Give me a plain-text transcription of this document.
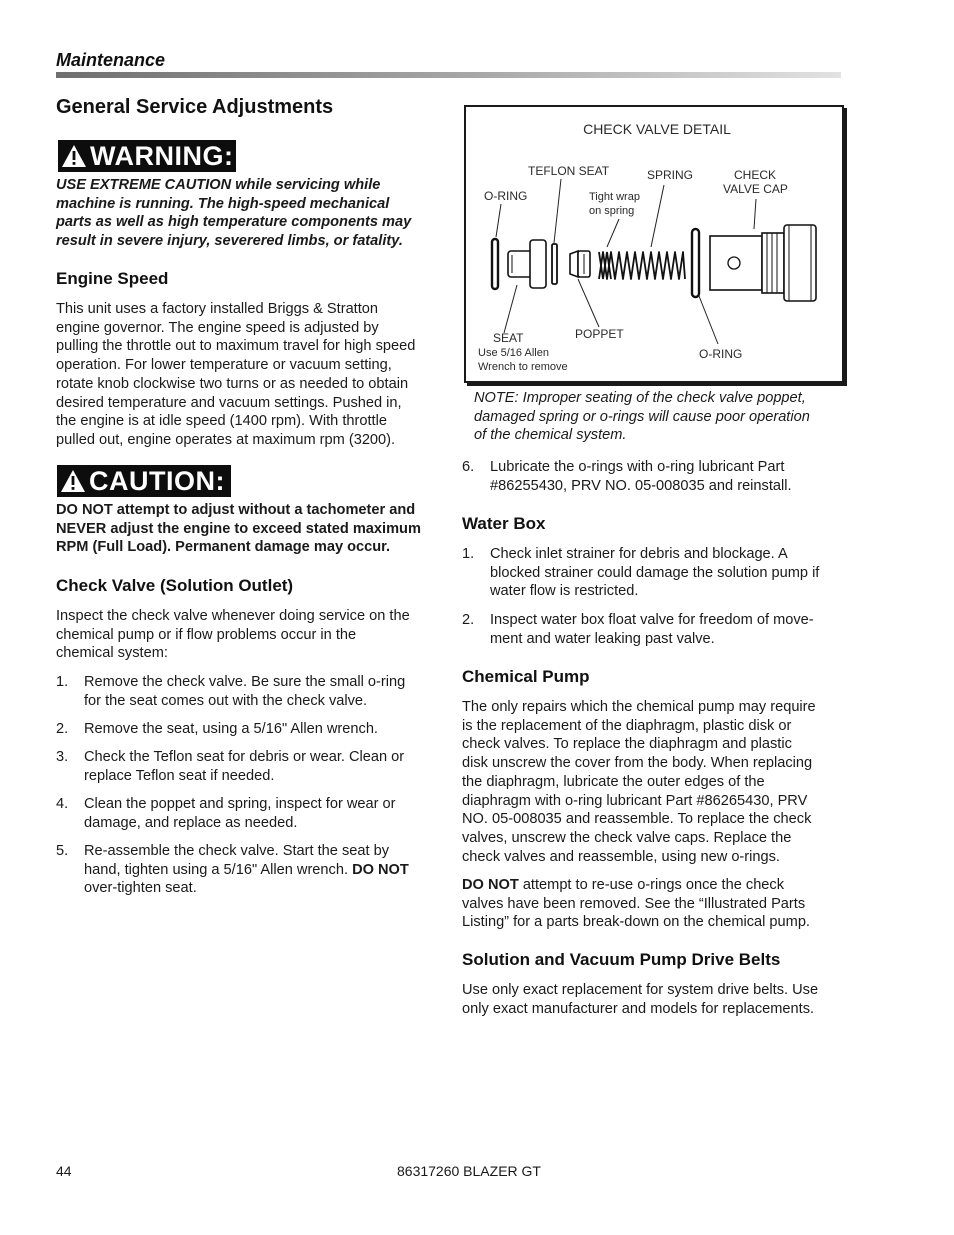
Maintenance
General Service Adjustments
WARNING:
USE EXTREME CAUTION while servicing while
machine is running. The high-speed mechanical
parts as well as high temperature components may
result in severe injury, severered limbs, or fatality.
Engine Speed
This unit uses a factory installed Briggs & Stratton
engine governor. The engine speed is adjusted by
pulling the throttle out to maximum travel for high speed
operation. For lower temperature or vacuum setting,
rotate knob clockwise two turns or as needed to obtain
desired temperature and vacuum settings. Pushed in,
the engine is at idle speed (1400 rpm). With throttle
pulled out, engine operates at maximum rpm (3200).
CAUTION:
DO NOT attempt to adjust without a tachometer and
NEVER adjust the engine to exceed stated maximum
RPM (Full Load). Permanent damage may occur.
Check Valve (Solution Outlet)
Inspect the check valve whenever doing service on the
chemical pump or if flow problems occur in the
chemical system:
1. Remove the check valve. Be sure the small o-ring
for the seat comes out with the check valve.
2. Remove the seat, using a 5/16" Allen wrench.
3. Check the Teflon seat for debris or wear. Clean or
replace Teflon seat if needed.
4. Clean the poppet and spring, inspect for wear or
damage, and replace as needed.
5. Re-assemble the check valve. Start the seat by
hand, tighten using a 5/16" Allen wrench. DO NOT
over-tighten seat.
CHECK VALVE DETAIL
TEFLON SEAT	SPRING	CHECK
VALVE CAP
O-RING	Tight wrap
on spring
SEAT
Use 5/16 Allen
Wrench to remove
POPPET
O-RING
NOTE: Improper seating of the check valve poppet,
damaged spring or o-rings will cause poor operation
of the chemical system.
6. Lubricate the o-rings with o-ring lubricant Part
#86255430, PRV NO. 05-008035 and reinstall.
Water Box
1. Check inlet strainer for debris and blockage. A
blocked strainer could damage the solution pump if
water flow is restricted.
2. Inspect water box float valve for freedom of move-
ment and water leaking past valve.
Chemical Pump
The only repairs which the chemical pump may require
is the replacement of the diaphragm, plastic disk or
check valves. To replace the diaphragm and plastic
disk unscrew the cover from the body. When replacing
the diaphragm, lubricate the outer edges of the
diaphragm with o-ring lubricant Part #86265430, PRV
NO. 05-008035 and reassemble. To replace the check
valves, unscrew the check valve caps. Replace the
check valves and reassemble, using new o-rings.
DO NOT attempt to re-use o-rings once the check
valves have been removed. See the “Illustrated Parts
Listing” for a parts break-down on the chemical pump.
Solution and Vacuum Pump Drive Belts
Use only exact replacement for system drive belts. Use
only exact manufacturer and models for replacements.
44	86317260 BLAZER GT
